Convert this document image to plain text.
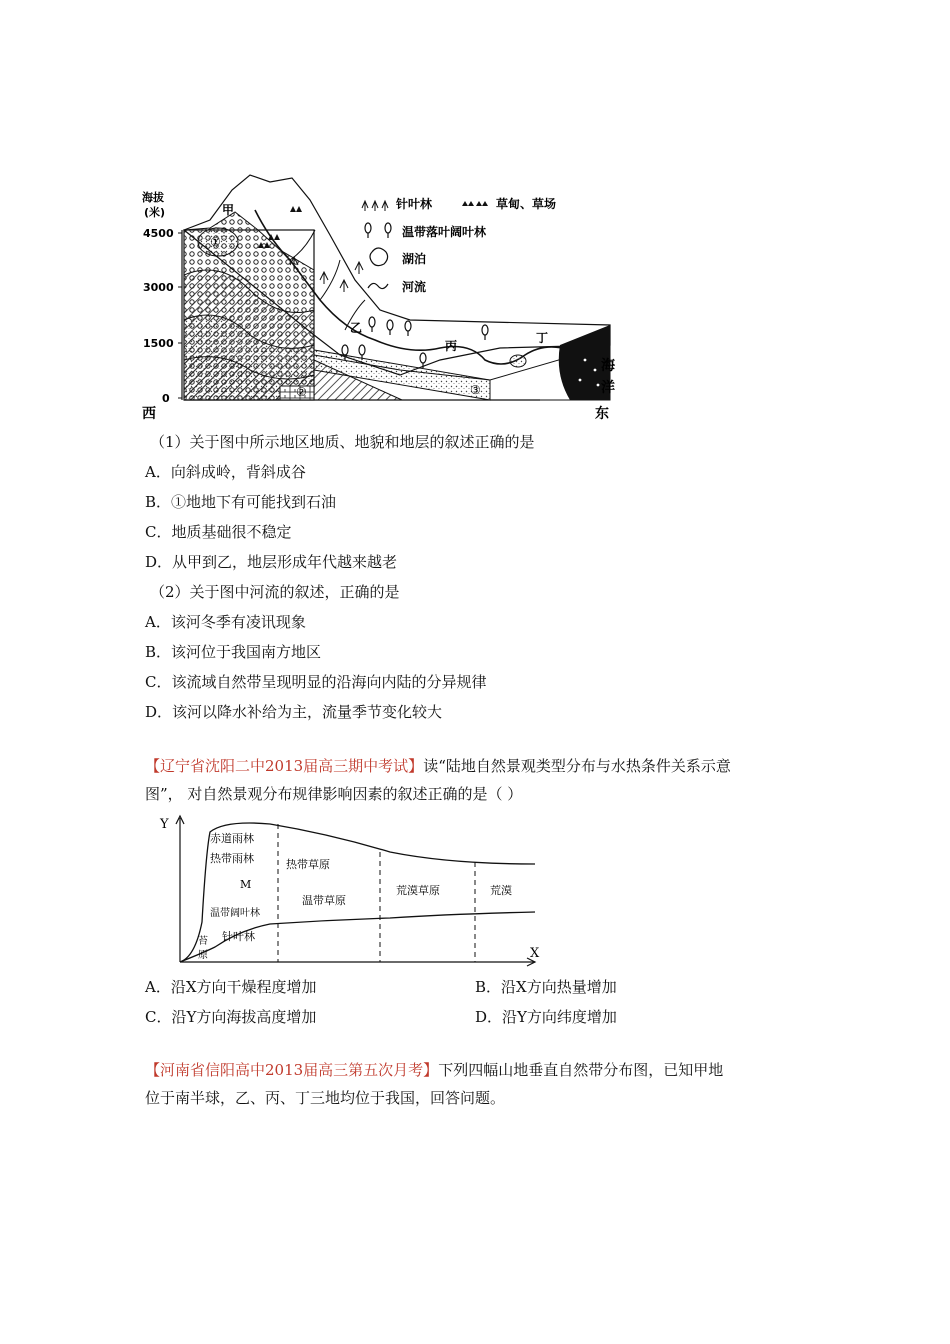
海拔
(米)
4500
3000
1500
0
西
甲
乙
丙
丁
①
②	③
海
洋
东
针叶林	草甸、草场
温带落叶阔叶林
湖泊
河流
（1）关于图中所示地区地质、地貌和地层的叙述正确的是
A．向斜成岭，背斜成谷
B．①地地下有可能找到石油
C．地质基础很不稳定
D．从甲到乙，地层形成年代越来越老
（2）关于图中河流的叙述，正确的是
A．该河冬季有凌讯现象
B．该河位于我国南方地区
C．该流域自然带呈现明显的沿海向内陆的分异规律
D．该河以降水补给为主，流量季节变化较大
【辽宁省沈阳二中2013届高三期中考试】读“陆地自然景观类型分布与水热条件关系示意
图”， 对自然景观分布规律影响因素的叙述正确的是（ ）
Y
X
赤道雨林
热带雨林
M
温带阔叶林
针叶林
苔
原
热带草原
温带草原
荒漠草原	荒漠
A．沿X方向干燥程度增加	B．沿X方向热量增加
C．沿Y方向海拔高度增加	D．沿Y方向纬度增加
【河南省信阳高中2013届高三第五次月考】下列四幅山地垂直自然带分布图，已知甲地
位于南半球，乙、丙、丁三地均位于我国，回答问题。
